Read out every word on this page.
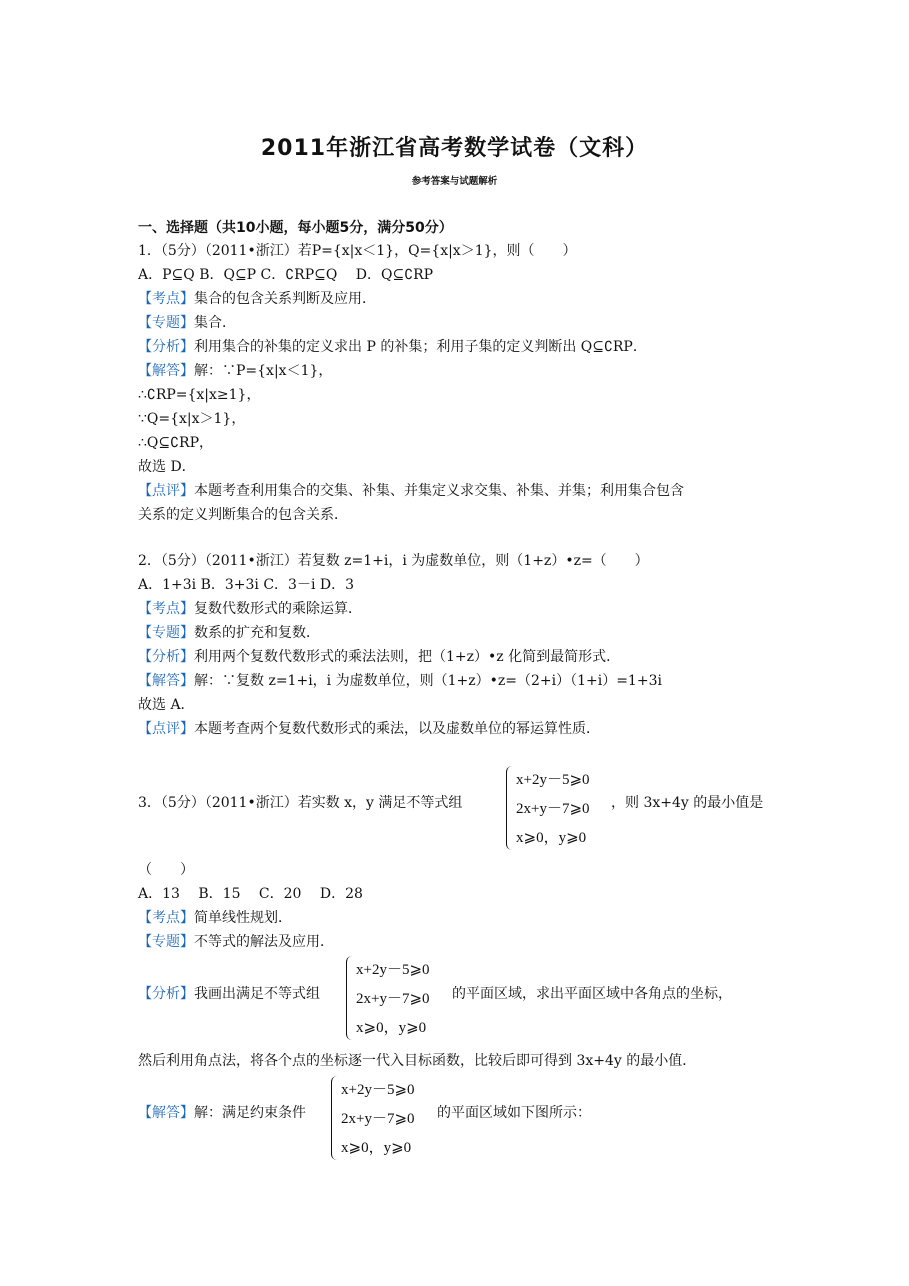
2011年浙江省高考数学试卷（文科）
参考答案与试题解析
一、选择题（共10小题，每小题5分，满分50分）
1．（5分）（2011•浙江）若P={x|x＜1}，Q={x|x＞1}，则（　　）
A．P⊆Q B．Q⊆P C．∁RP⊆Q　 D．Q⊆∁RP
【考点】集合的包含关系判断及应用．
【专题】集合．
【分析】利用集合的补集的定义求出 P 的补集；利用子集的定义判断出 Q⊆∁RP．
【解答】解：∵P={x|x＜1}，
∴∁RP={x|x≥1}，
∵Q={x|x＞1}，
∴Q⊆∁RP，
故选 D．
【点评】本题考查利用集合的交集、补集、并集定义求交集、补集、并集；利用集合包含
关系的定义判断集合的包含关系．
2．（5分）（2011•浙江）若复数 z=1+i，i 为虚数单位，则（1+z）•z=（　　）
A．1+3i B．3+3i C．3－i D．3
【考点】复数代数形式的乘除运算．
【专题】数系的扩充和复数．
【分析】利用两个复数代数形式的乘法法则，把（1+z）•z 化简到最简形式．
【解答】解：∵复数 z=1+i，i 为虚数单位，则（1+z）•z=（2+i）（1+i）=1+3i
故选 A．
【点评】本题考查两个复数代数形式的乘法，以及虚数单位的幂运算性质．
3．（5分）（2011•浙江）若实数 x，y 满足不等式组
x+2y－5⩾0
2x+y－7⩾0
x⩾0，y⩾0
，则 3x+4y 的最小值是
（　　）
A．13　 B．15　 C．20　 D．28
【考点】简单线性规划．
【专题】不等式的解法及应用．
【分析】我画出满足不等式组
x+2y－5⩾0
2x+y－7⩾0
x⩾0，y⩾0
的平面区域，求出平面区域中各角点的坐标，
然后利用角点法，将各个点的坐标逐一代入目标函数，比较后即可得到 3x+4y 的最小值．
【解答】解：满足约束条件
x+2y－5⩾0
2x+y－7⩾0
x⩾0，y⩾0
的平面区域如下图所示：
